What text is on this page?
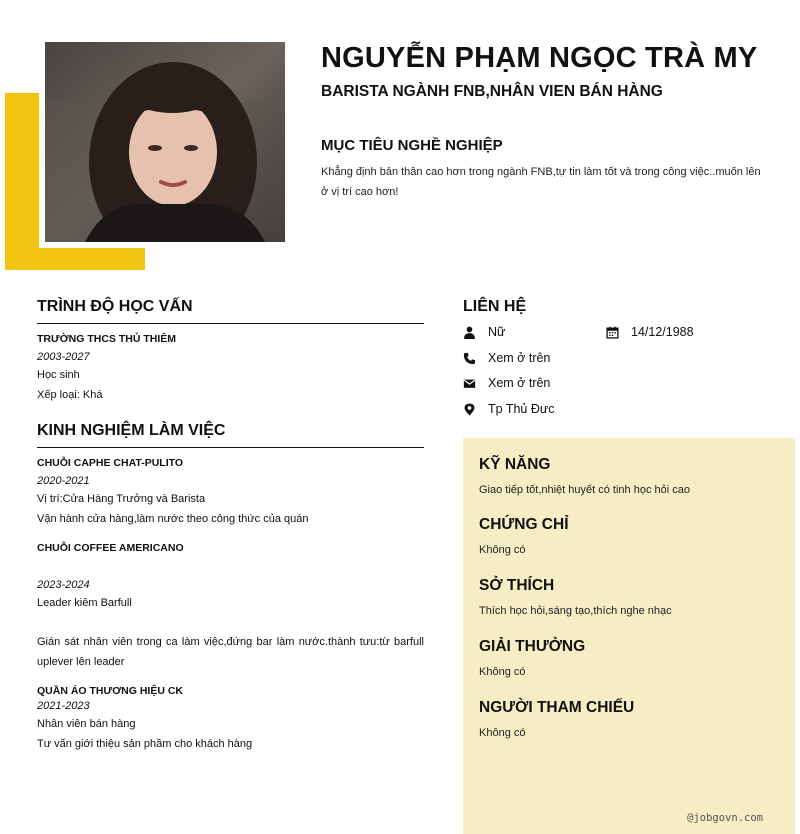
NGUYỄN PHẠM NGỌC TRÀ MY
BARISTA NGÀNH FNB,NHÂN VIEN BÁN HÀNG
MỤC TIÊU NGHỀ NGHIỆP
Khẳng định bản thân cao hơn trong ngành FNB,tự tin làm tốt và trong công việc..muốn lên ở vị trí cao hơn!
TRÌNH ĐỘ HỌC VẤN
TRƯỜNG THCS THỦ THIÊM
2003-2027
Học sinh
Xếp loại: Khá
KINH NGHIỆM LÀM VIỆC
CHUỖI CAPHE CHAT-PULITO
2020-2021
Vị trí:Cửa Hàng Trưởng và Barista
Vận hành cửa hàng,làm nước theo công thức của quán
CHUỖI COFFEE AMERICANO
2023-2024
Leader kiêm Barfull
Gián sát nhân viên trong ca làm việc,đứng bar làm nước.thành tưu:từ barfull uplever lên leader
QUẦN ÁO THƯƠNG HIỆU CK
2021-2023
Nhân viên bán hàng
Tư vấn giới thiệu sản phầm cho khách hàng
LIÊN HỆ
Nữ	14/12/1988
Xem ở trên
Xem ở trên
Tp Thủ Đưc
KỸ NĂNG
Giao tiếp tốt,nhiệt huyết có tinh học hỏi cao
CHỨNG CHỈ
Không có
SỞ THÍCH
Thích học hỏi,sáng tạo,thích nghe nhạc
GIẢI THƯỞNG
Không có
NGƯỜI THAM CHIẾU
Không có
@jobgovn.com
